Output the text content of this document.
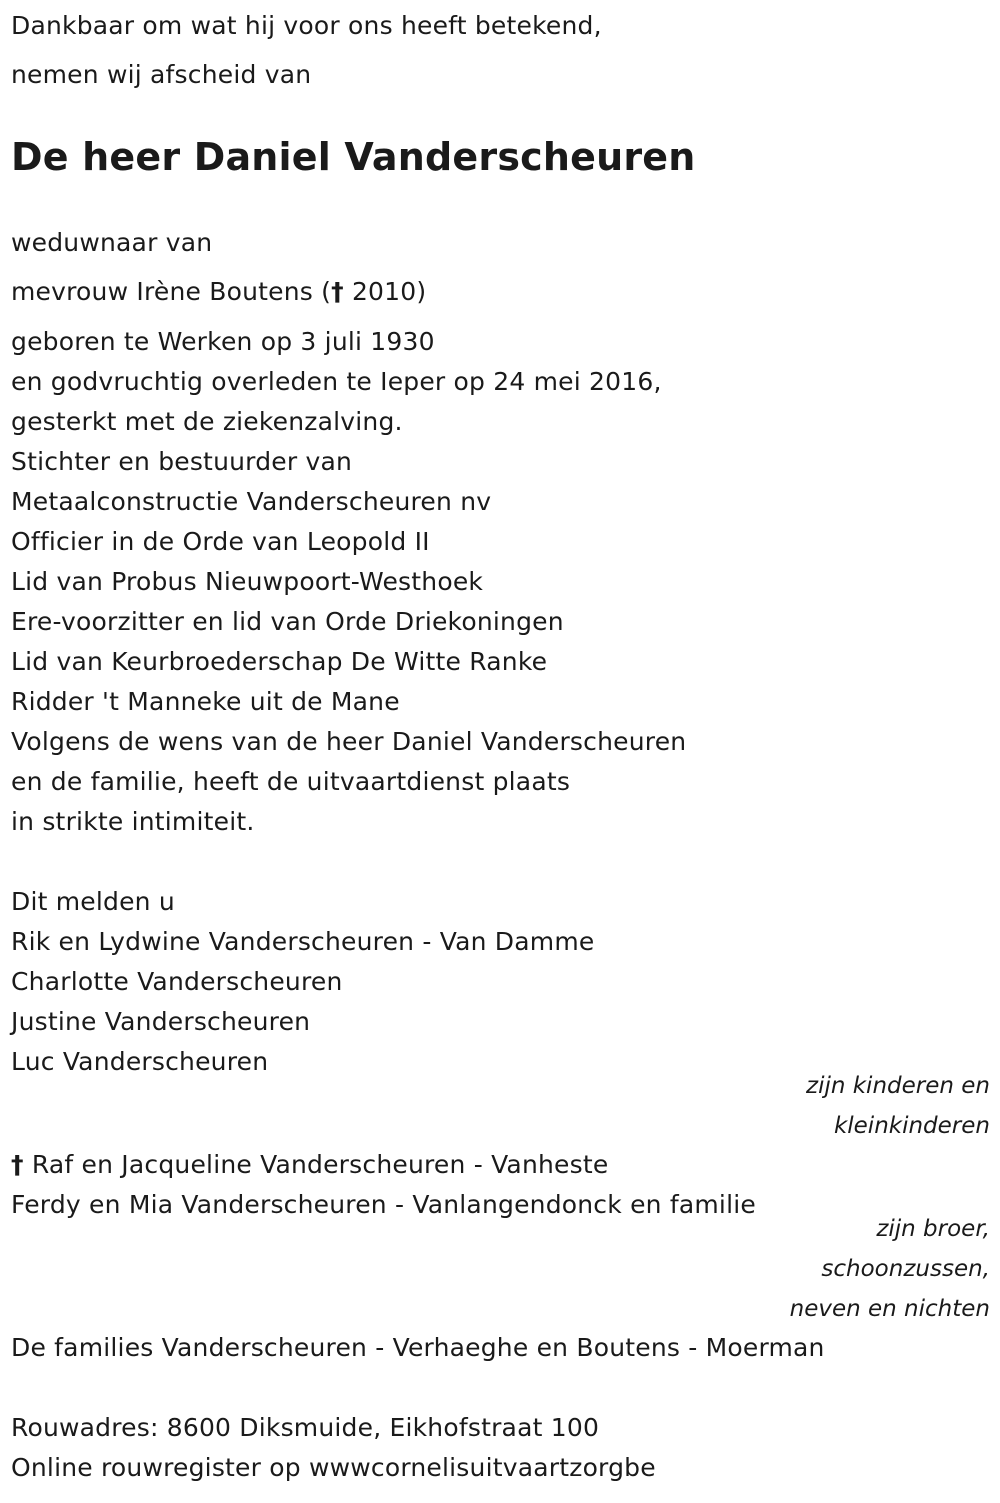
Dankbaar om wat hij voor ons heeft betekend,
nemen wij afscheid van
De heer Daniel Vanderscheuren
weduwnaar van
mevrouw Irène Boutens († 2010)
geboren te Werken op 3 juli 1930
en godvruchtig overleden te Ieper op 24 mei 2016,
gesterkt met de ziekenzalving.
Stichter en bestuurder van
Metaalconstructie Vanderscheuren nv
Officier in de Orde van Leopold II
Lid van Probus Nieuwpoort-Westhoek
Ere-voorzitter en lid van Orde Driekoningen
Lid van Keurbroederschap De Witte Ranke
Ridder 't Manneke uit de Mane
Volgens de wens van de heer Daniel Vanderscheuren
en de familie, heeft de uitvaartdienst plaats
in strikte intimiteit.
Dit melden u
Rik en Lydwine Vanderscheuren - Van Damme
Charlotte Vanderscheuren
Justine Vanderscheuren
Luc Vanderscheuren
zijn kinderen en
kleinkinderen
† Raf en Jacqueline Vanderscheuren - Vanheste
Ferdy en Mia Vanderscheuren - Vanlangendonck en familie
zijn broer,
schoonzussen,
neven en nichten
De families Vanderscheuren - Verhaeghe en Boutens - Moerman
Rouwadres: 8600 Diksmuide, Eikhofstraat 100
Online rouwregister op wwwcornelisuitvaartzorgbe
